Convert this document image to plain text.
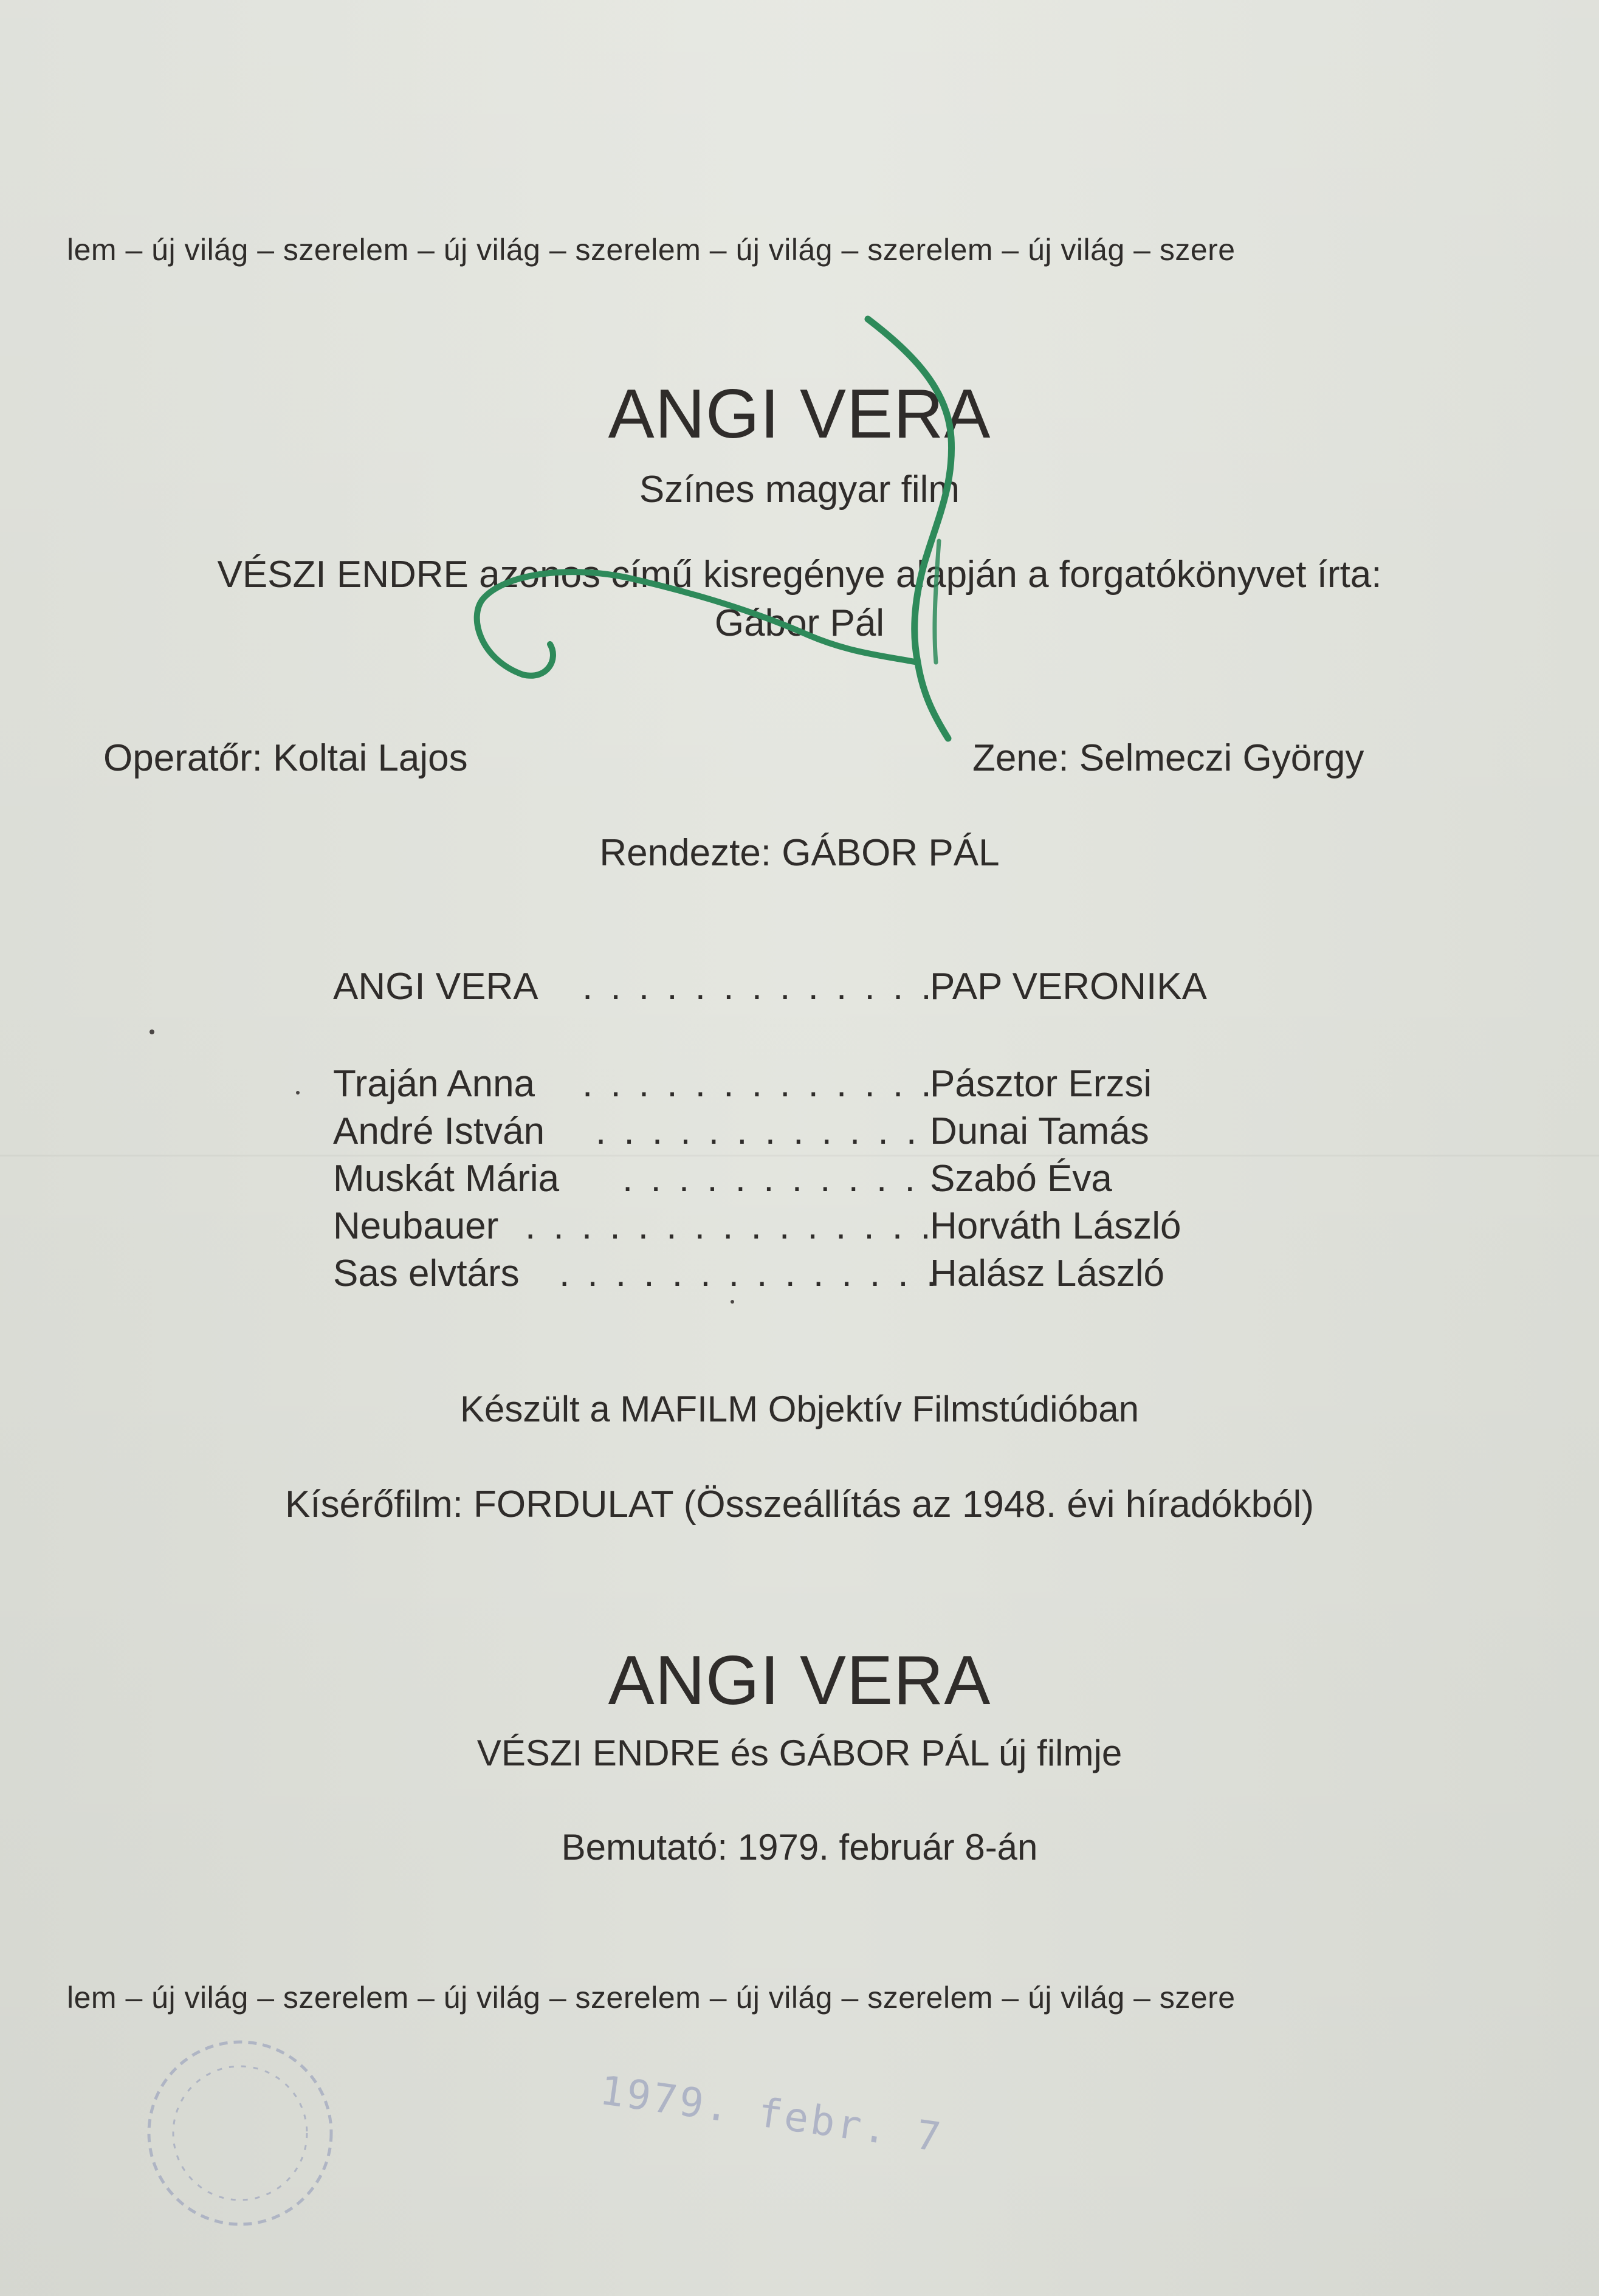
lem – új világ – szerelem – új világ – szerelem – új világ – szerelem – új világ – szere
ANGI VERA
Színes magyar film
VÉSZI ENDRE azonos című kisregénye alapján a forgatókönyvet írta:
Gábor Pál
Operatőr: Koltai Lajos	Zene: Selmeczi György
Rendezte: GÁBOR PÁL
ANGI VERA . . . . . . . . . . . . .
PAP VERONIKA
Traján Anna . . . . . . . . . . . . .
Pásztor Erzsi
André István . . . . . . . . . . . . Dunai Tamás
Muskát Mária . . . . . . . . . . . .
Szabó Éva
Neubauer . . . . . . . . . . . . . . .
Horváth László
Sas elvtárs . . . . . . . . . . . . . .
Halász László
Készült a MAFILM Objektív Filmstúdióban
Kísérőfilm: FORDULAT (Összeállítás az 1948. évi híradókból)
ANGI VERA
VÉSZI ENDRE és GÁBOR PÁL új filmje
Bemutató: 1979. február 8-án
lem – új világ – szerelem – új világ – szerelem – új világ – szerelem – új világ – szere
1979. febr. 7
